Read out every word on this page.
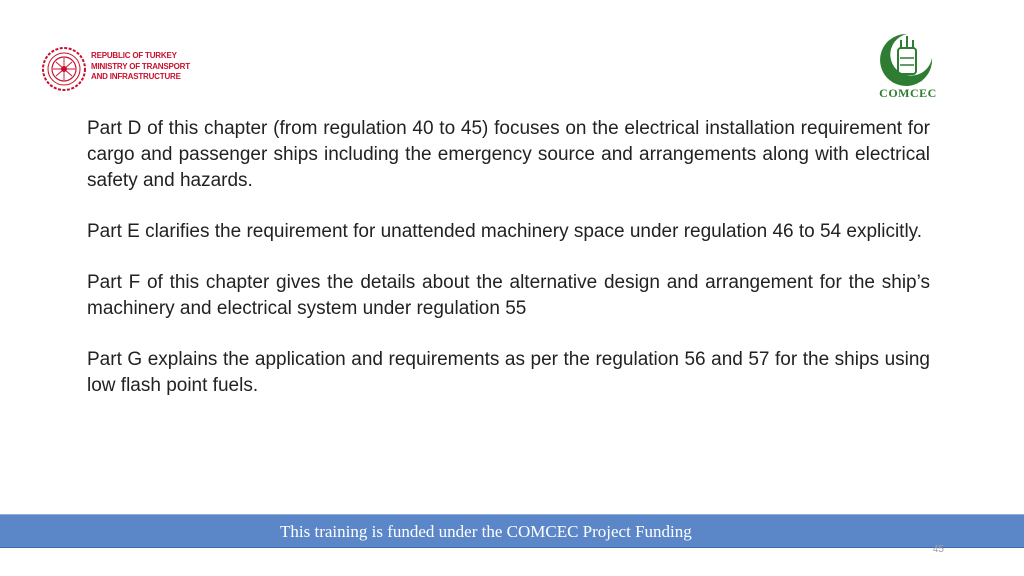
REPUBLIC OF TURKEY
MINISTRY OF TRANSPORT
AND INFRASTRUCTURE
Cooperation for Development
COMCEC

Part D of this chapter (from regulation 40 to 45) focuses on the electrical installation requirement for cargo and passenger ships including the emergency source and arrangements along with electrical safety and hazards.

Part E clarifies the requirement for unattended machinery space under regulation 46 to 54 explicitly.

Part F of this chapter gives the details about the alternative design and arrangement for the ship’s machinery and electrical system under regulation 55

Part G explains the application and requirements as per the regulation 56 and 57 for the ships using low flash point fuels.

This training is funded under the COMCEC Project Funding
45
